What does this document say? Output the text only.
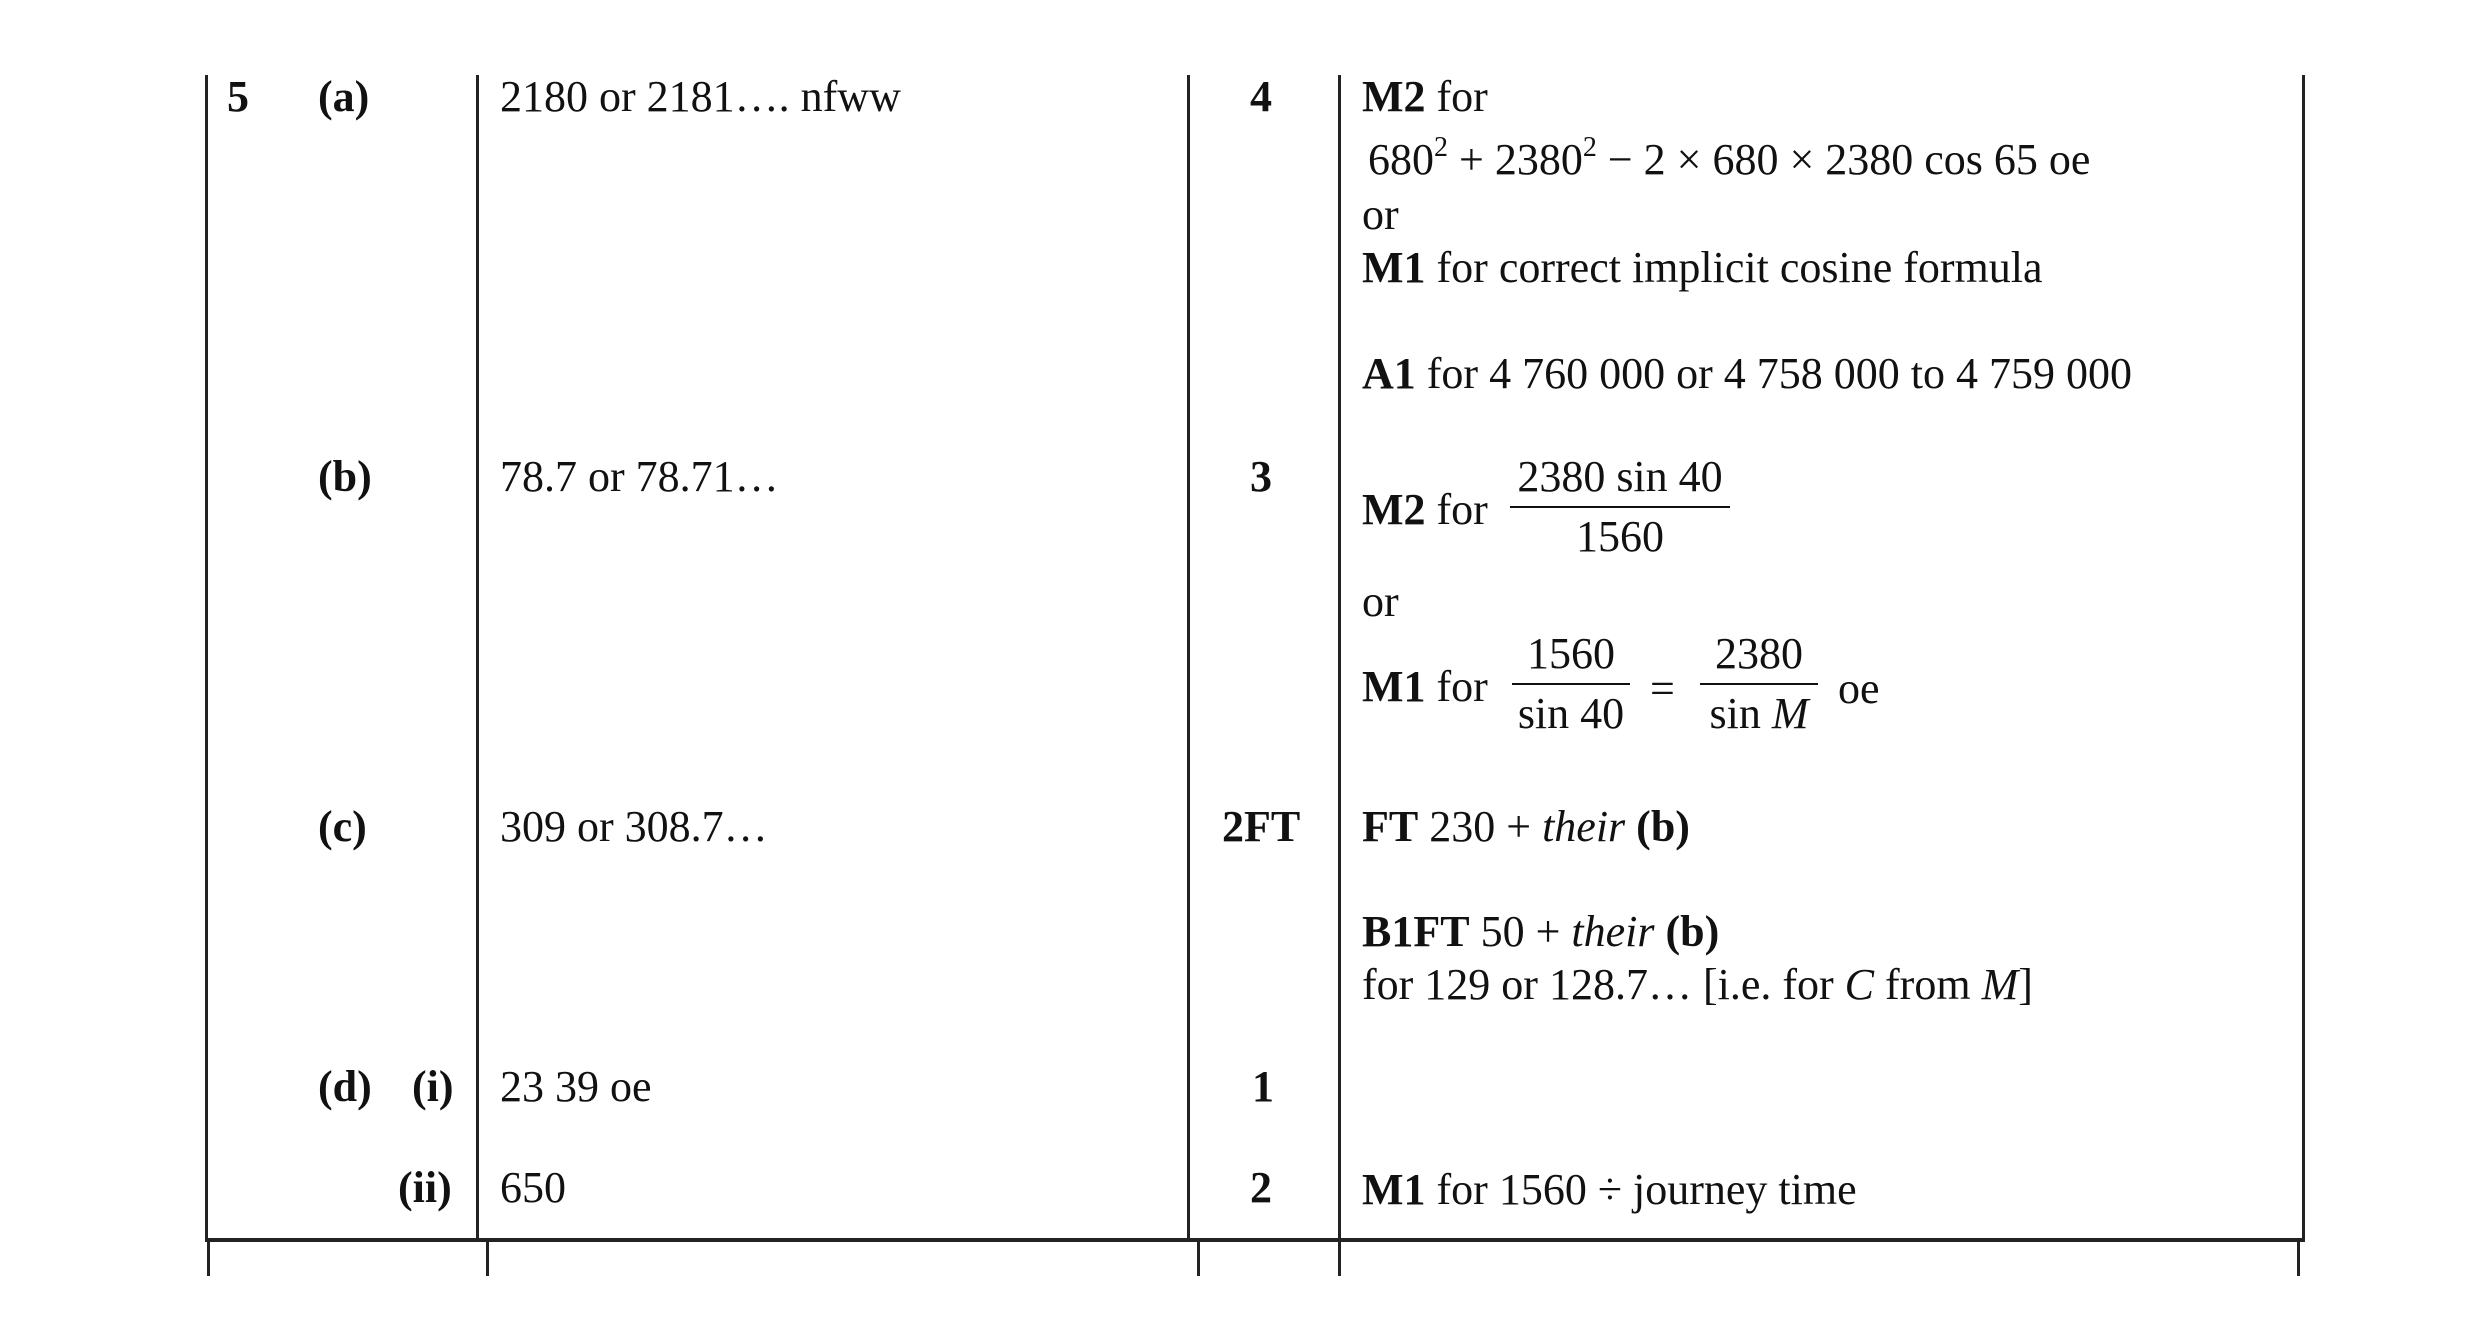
5 (a)	2180 or 2181…. nfww	4 M2 for
$680^2 + 2380^2 - 2 \times 680 \times 2380$ cos 65 oe
or
M1 for correct implicit cosine formula
A1 for 4 760 000 or 4 758 000 to 4 759 000
(b)	78.7 or 78.71…	3
M2 for
2380 sin 40
1560
or
M1 for
1560
sin 40
=
2380
sin M
oe
(c)	309 or 308.7…	2FT FT 230 + their (b)
B1FT 50 + their (b)
for 129 or 128.7… [i.e. for C from M]
(d) (i) 23 39 oe	1
(ii) 650	2 M1 for 1560 ÷ journey time
